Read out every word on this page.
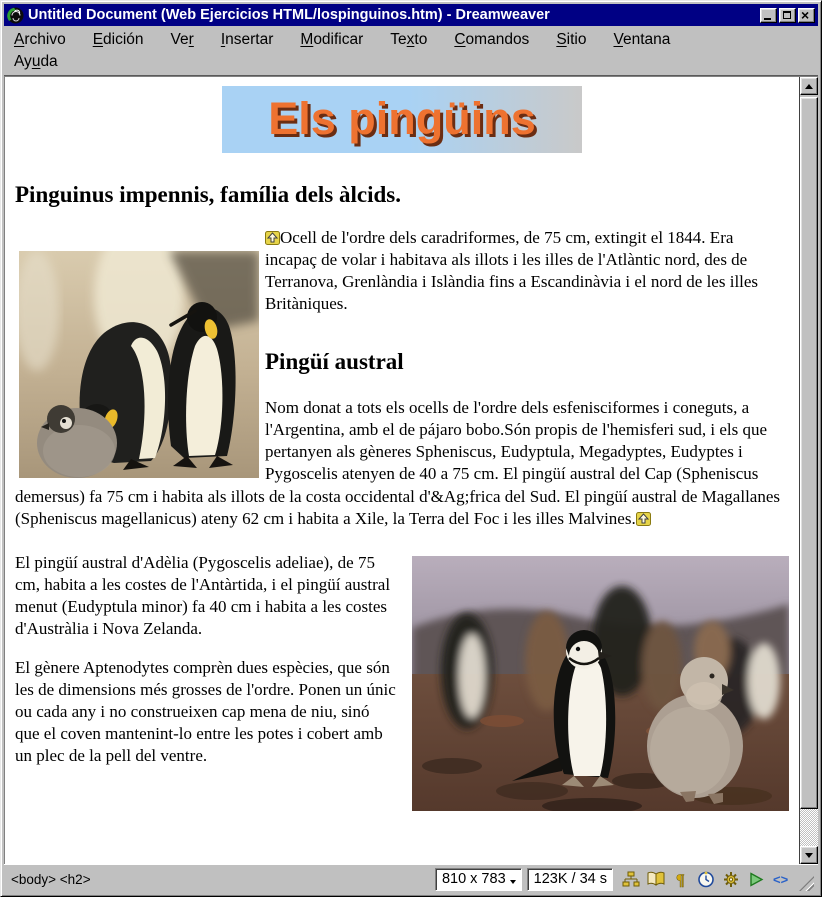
Untitled Document (Web Ejercicios HTML/lospinguinos.htm) - Dreamweaver
×
Archivo Edición Ver Insertar Modificar Texto Comandos Sitio Ventana
Ayuda
Els pingüins
Pinguinus impennis, família dels àlcids.

Ocell de l'ordre dels caradriformes, de 75 cm, extingit el 1844. Era incapaç de volar i habitava als illots i les illes de l'Atlàntic nord, des de Terranova, Grenlàndia i Islàndia fins a Escandinàvia i el nord de les illes Britàniques.

Pingüí austral

Nom donat a tots els ocells de l'ordre dels esfenisciformes i coneguts, a l'Argentina, amb el de pájaro bobo.Són propis de l'hemisferi sud, i els que pertanyen als gèneres Spheniscus, Eudyptula, Megadyptes, Eudyptes i Pygoscelis atenyen de 40 a 75 cm. El pingüí austral del Cap (Spheniscus demersus) fa 75 cm i habita als illots de la costa occidental d'&Ag;frica del Sud. El pingüí austral de Magallanes (Spheniscus magellanicus) ateny 62 cm i habita a Xile, la Terra del Foc i les illes Malvines.

El pingüí austral d'Adèlia (Pygoscelis adeliae), de 75 cm, habita a les costes de l'Antàrtida, i el pingüí austral menut (Eudyptula minor) fa 40 cm i habita a les costes d'Austràlia i Nova Zelanda.

El gènere Aptenodytes comprèn dues espècies, que són les de dimensions més grosses de l'ordre. Ponen un únic ou cada any i no construeixen cap mena de niu, sinó que el coven mantenint-lo entre les potes i cobert amb un plec de la pell del ventre.

<body> <h2>	810 x 783	123K / 34 s	¶	<>
